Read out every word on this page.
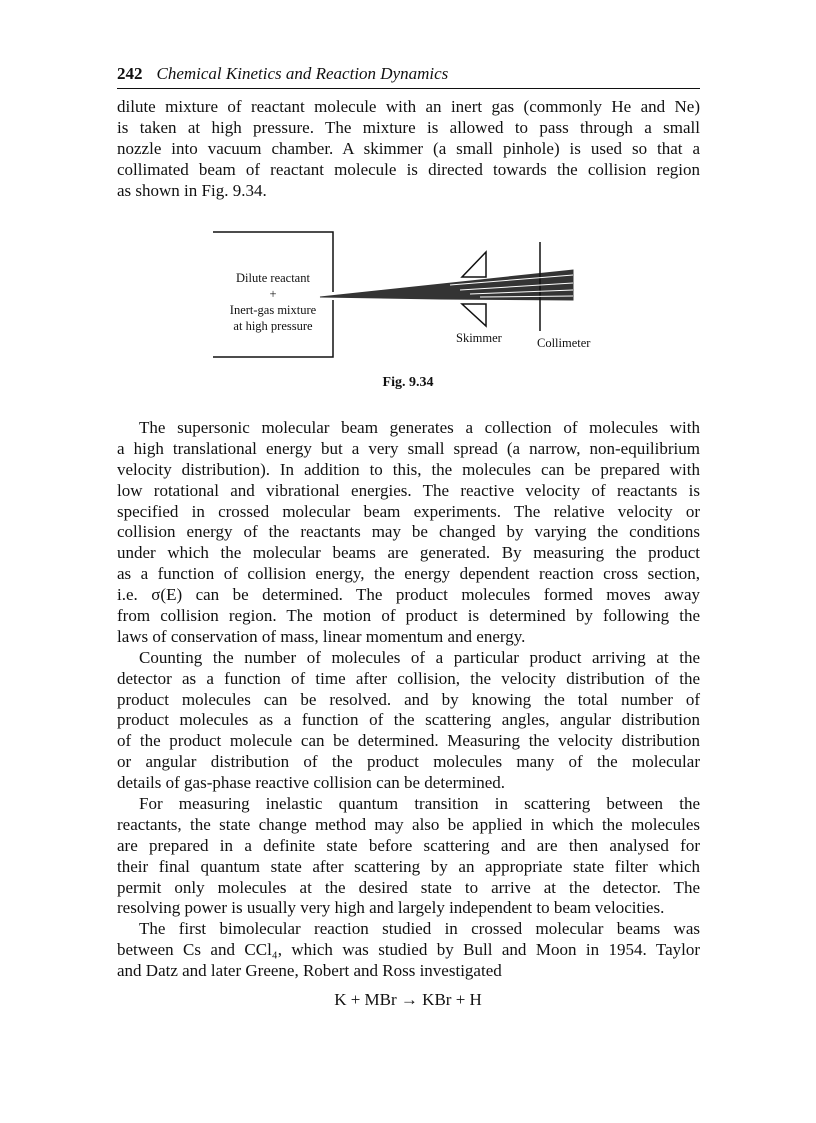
242 Chemical Kinetics and Reaction Dynamics
dilute mixture of reactant molecule with an inert gas (commonly He and Ne)
is taken at high pressure. The mixture is allowed to pass through a small
nozzle into vacuum chamber. A skimmer (a small pinhole) is used so that a
collimated beam of reactant molecule is directed towards the collision region
as shown in Fig. 9.34.
Dilute reactant
+
Inert-gas mixture
at high pressure
Skimmer	Collimeter
Fig. 9.34
The supersonic molecular beam generates a collection of molecules with
a high translational energy but a very small spread (a narrow, non-equilibrium
velocity distribution). In addition to this, the molecules can be prepared with
low rotational and vibrational energies. The reactive velocity of reactants is
specified in crossed molecular beam experiments. The relative velocity or
collision energy of the reactants may be changed by varying the conditions
under which the molecular beams are generated. By measuring the product
as a function of collision energy, the energy dependent reaction cross section,
i.e. σ(E) can be determined. The product molecules formed moves away
from collision region. The motion of product is determined by following the
laws of conservation of mass, linear momentum and energy.
Counting the number of molecules of a particular product arriving at the
detector as a function of time after collision, the velocity distribution of the
product molecules can be resolved. and by knowing the total number of
product molecules as a function of the scattering angles, angular distribution
of the product molecule can be determined. Measuring the velocity distribution
or angular distribution of the product molecules many of the molecular
details of gas-phase reactive collision can be determined.
For measuring inelastic quantum transition in scattering between the
reactants, the state change method may also be applied in which the molecules
are prepared in a definite state before scattering and are then analysed for
their final quantum state after scattering by an appropriate state filter which
permit only molecules at the desired state to arrive at the detector. The
resolving power is usually very high and largely independent to beam velocities.
The first bimolecular reaction studied in crossed molecular beams was
between Cs and CCl₄, which was studied by Bull and Moon in 1954. Taylor
and Datz and later Greene, Robert and Ross investigated
K + MBr → KBr + H
